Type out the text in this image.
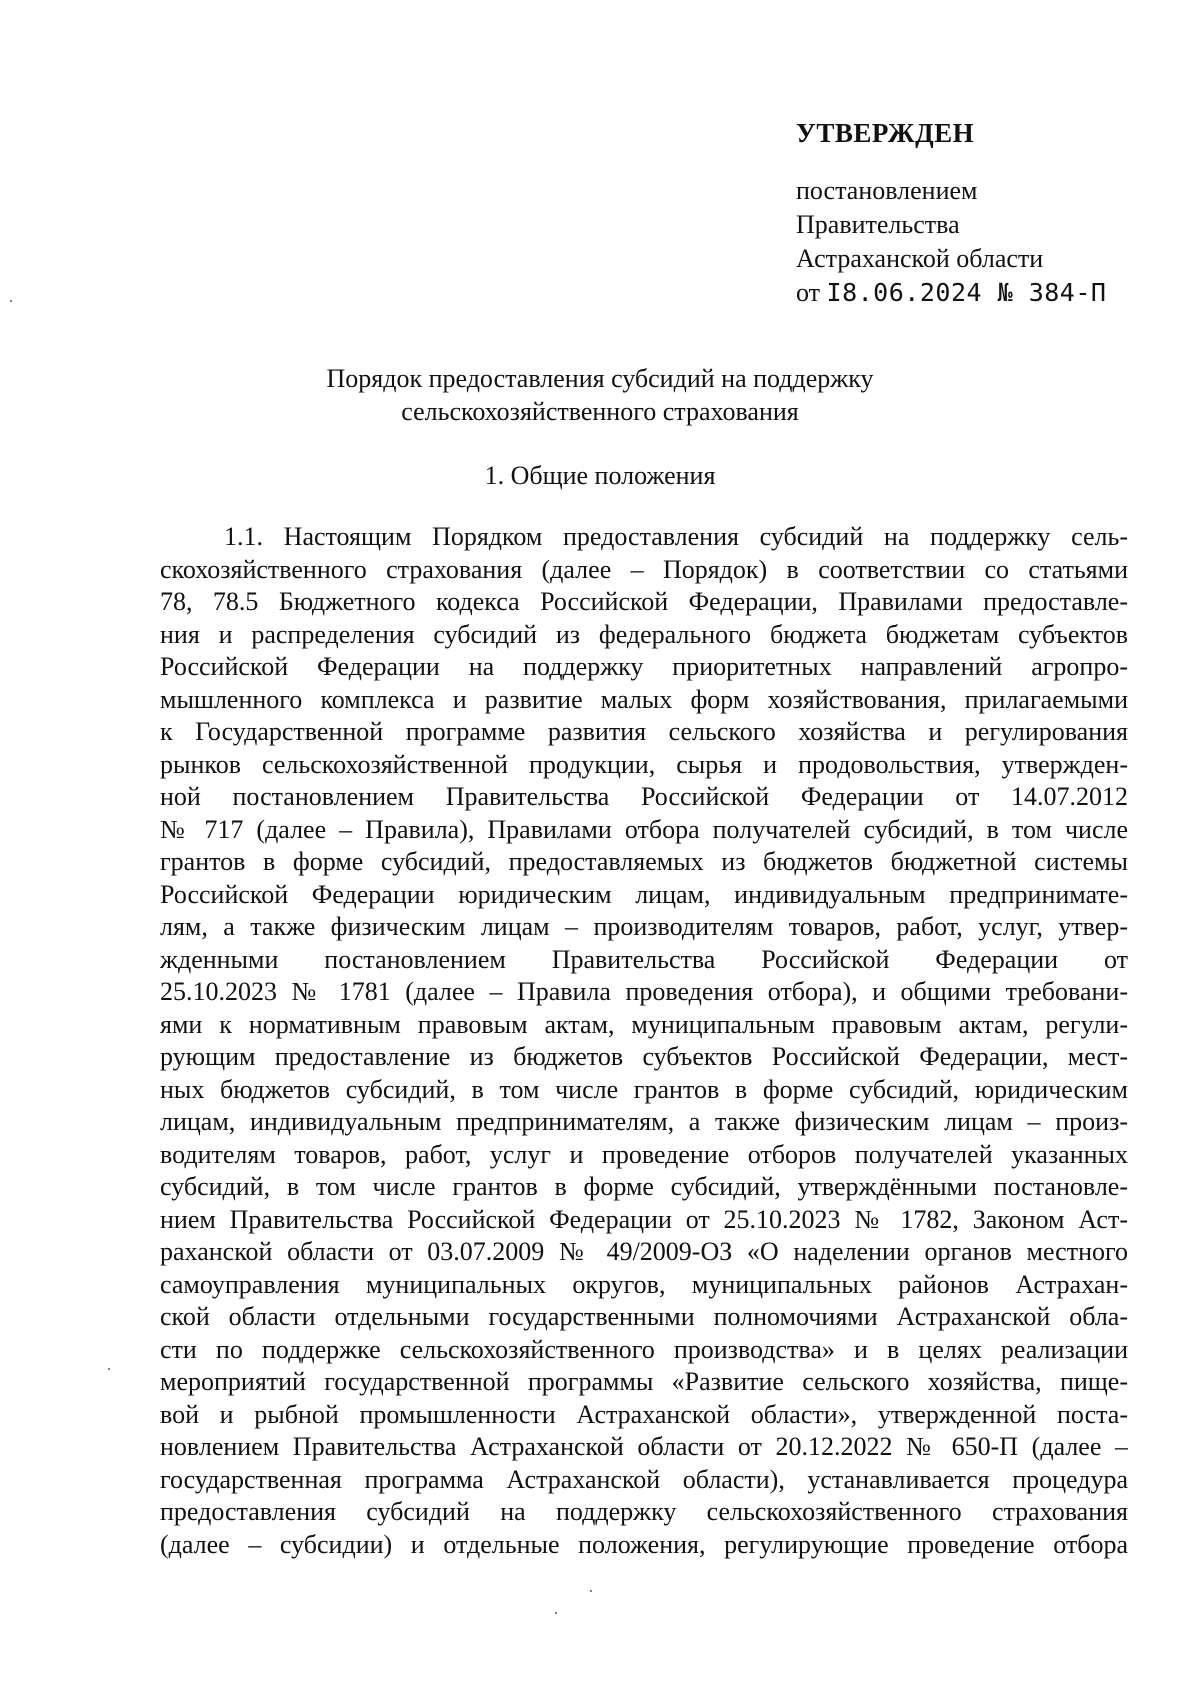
УТВЕРЖДЕН
постановлением
Правительства
Астраханской области
от I8.06.2024 № 384-П
Порядок предоставления субсидий на поддержку
сельскохозяйственного страхования
1. Общие положения
1.1. Настоящим Порядком предоставления субсидий на поддержку сель-
скохозяйственного страхования (далее – Порядок) в соответствии со статьями
78, 78.5 Бюджетного кодекса Российской Федерации, Правилами предоставле-
ния и распределения субсидий из федерального бюджета бюджетам субъектов
Российской Федерации на поддержку приоритетных направлений агропро-
мышленного комплекса и развитие малых форм хозяйствования, прилагаемыми
к Государственной программе развития сельского хозяйства и регулирования
рынков сельскохозяйственной продукции, сырья и продовольствия, утвержден-
ной постановлением Правительства Российской Федерации от 14.07.2012
№ 717 (далее – Правила), Правилами отбора получателей субсидий, в том числе
грантов в форме субсидий, предоставляемых из бюджетов бюджетной системы
Российской Федерации юридическим лицам, индивидуальным предпринимате-
лям, а также физическим лицам – производителям товаров, работ, услуг, утвер-
жденными постановлением Правительства Российской Федерации от
25.10.2023 № 1781 (далее – Правила проведения отбора), и общими требовани-
ями к нормативным правовым актам, муниципальным правовым актам, регули-
рующим предоставление из бюджетов субъектов Российской Федерации, мест-
ных бюджетов субсидий, в том числе грантов в форме субсидий, юридическим
лицам, индивидуальным предпринимателям, а также физическим лицам – произ-
водителям товаров, работ, услуг и проведение отборов получателей указанных
субсидий, в том числе грантов в форме субсидий, утверждёнными постановле-
нием Правительства Российской Федерации от 25.10.2023 № 1782, Законом Аст-
раханской области от 03.07.2009 № 49/2009-ОЗ «О наделении органов местного
самоуправления муниципальных округов, муниципальных районов Астрахан-
ской области отдельными государственными полномочиями Астраханской обла-
сти по поддержке сельскохозяйственного производства» и в целях реализации
мероприятий государственной программы «Развитие сельского хозяйства, пище-
вой и рыбной промышленности Астраханской области», утвержденной поста-
новлением Правительства Астраханской области от 20.12.2022 № 650-П (далее –
государственная программа Астраханской области), устанавливается процедура
предоставления субсидий на поддержку сельскохозяйственного страхования
(далее – субсидии) и отдельные положения, регулирующие проведение отбора
